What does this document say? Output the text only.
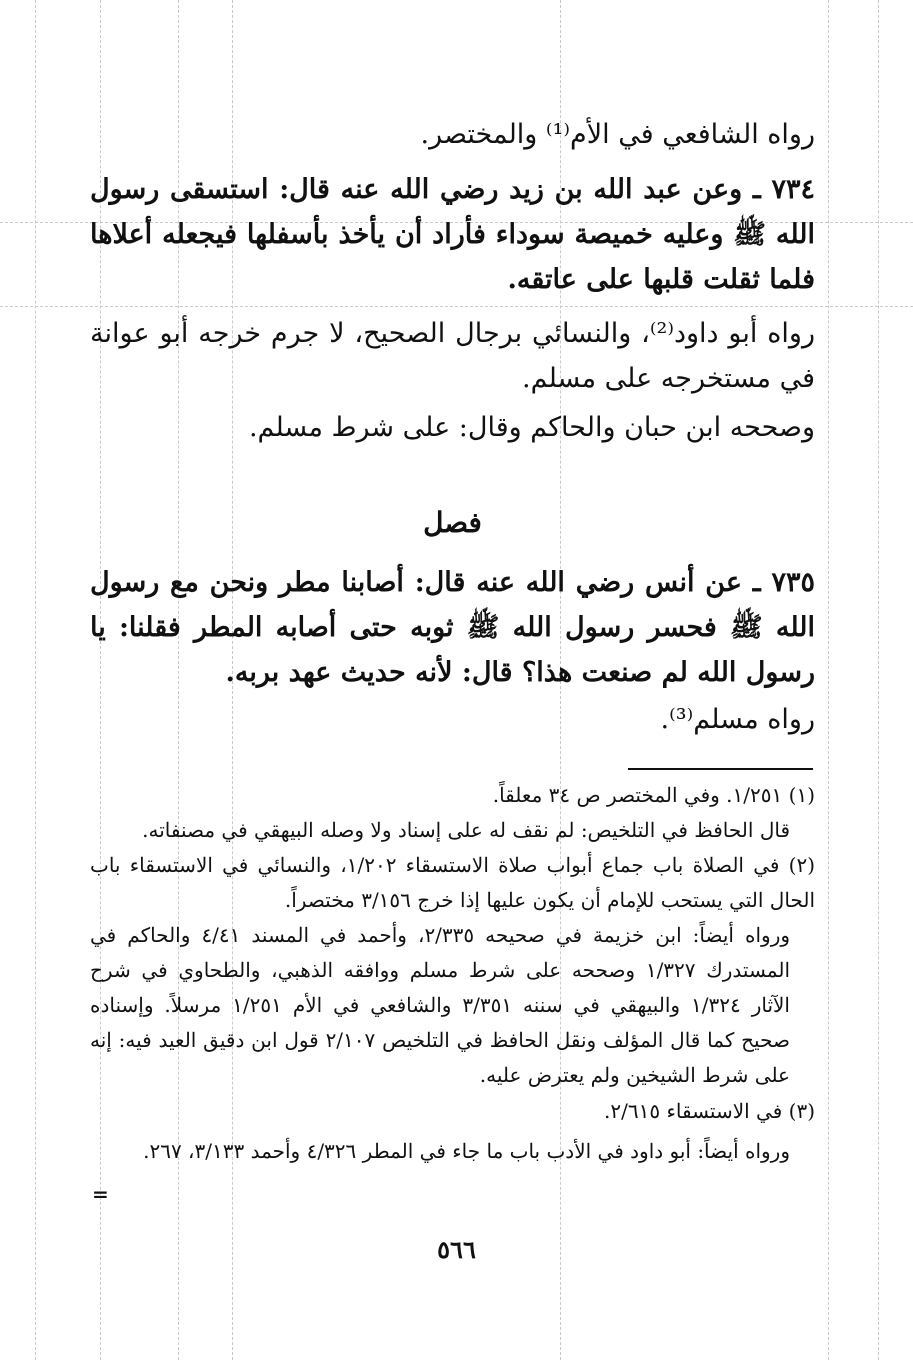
رواه الشافعي في الأم⁽¹⁾ والمختصر.

٧٣٤ ـ وعن عبد الله بن زيد رضي الله عنه قال: استسقى رسول الله ﷺ وعليه خميصة سوداء فأراد أن يأخذ بأسفلها فيجعله أعلاها فلما ثقلت قلبها على عاتقه.

رواه أبو داود⁽²⁾، والنسائي برجال الصحيح، لا جرم خرجه أبو عوانة في مستخرجه على مسلم.

وصححه ابن حبان والحاكم وقال: على شرط مسلم.

فصل

٧٣٥ ـ عن أنس رضي الله عنه قال: أصابنا مطر ونحن مع رسول الله ﷺ فحسر رسول الله ﷺ ثوبه حتى أصابه المطر فقلنا: يا رسول الله لم صنعت هذا؟ قال: لأنه حديث عهد بربه.

رواه مسلم⁽³⁾.

(١) ١/٢٥١. وفي المختصر ص ٣٤ معلقاً.

قال الحافظ في التلخيص: لم نقف له على إسناد ولا وصله البيهقي في مصنفاته.

(٢) في الصلاة باب جماع أبواب صلاة الاستسقاء ١/٢٠٢، والنسائي في الاستسقاء باب الحال التي يستحب للإمام أن يكون عليها إذا خرج ٣/١٥٦ مختصراً.

ورواه أيضاً: ابن خزيمة في صحيحه ٢/٣٣٥، وأحمد في المسند ٤/٤١ والحاكم في المستدرك ١/٣٢٧ وصححه على شرط مسلم ووافقه الذهبي، والطحاوي في شرح الآثار ١/٣٢٤ والبيهقي في سننه ٣/٣٥١ والشافعي في الأم ١/٢٥١ مرسلاً. وإسناده صحيح كما قال المؤلف ونقل الحافظ في التلخيص ٢/١٠٧ قول ابن دقيق العيد فيه: إنه على شرط الشيخين ولم يعترض عليه.

(٣) في الاستسقاء ٢/٦١٥.

ورواه أيضاً: أبو داود في الأدب باب ما جاء في المطر ٤/٣٢٦ وأحمد ٣/١٣٣، ٢٦٧.

=
٥٦٦
